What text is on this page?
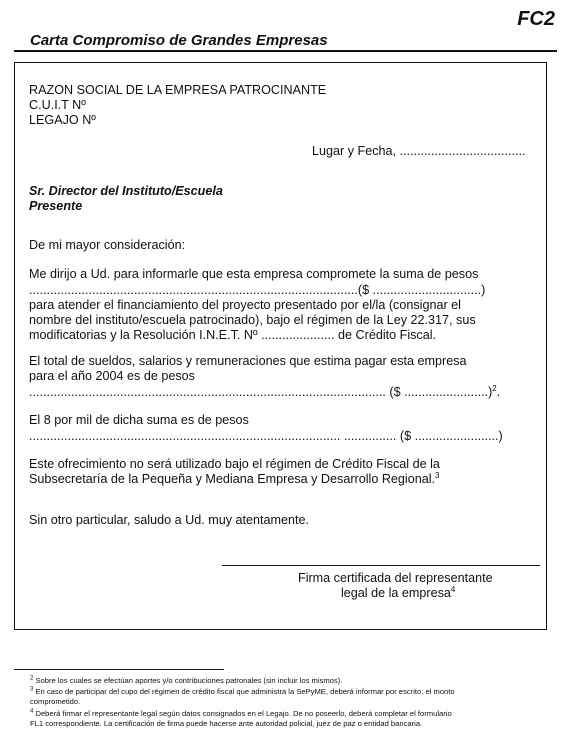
FC2
Carta Compromiso de Grandes Empresas
RAZON SOCIAL DE LA EMPRESA PATROCINANTE
C.U.I.T Nº
LEGAJO Nº
Lugar y Fecha, ....................................
Sr. Director del Instituto/Escuela
Presente
De mi mayor consideración:
Me dirijo a Ud. para informarle que esta empresa compromete la suma de pesos
..............................................................................................($ ...............................)
para atender el financiamiento del proyecto presentado por el/la (consignar el
nombre del instituto/escuela patrocinado), bajo el régimen de la Ley 22.317, sus
modificatorias y la Resolución I.N.E.T. Nº ..................... de Crédito Fiscal.
El total de sueldos, salarios y remuneraciones que estima pagar esta empresa
para el año 2004 es de pesos
...................................................................................................... ($ ........................)$^2$.
El 8 por mil de dicha suma es de pesos
......................................................................................... ............... ($ ........................)
Este ofrecimiento no será utilizado bajo el régimen de Crédito Fiscal de la
Subsecretaría de la Pequeña y Mediana Empresa y Desarrollo Regional.$^3$
Sin otro particular, saludo a Ud. muy atentamente.
Firma certificada del representante
legal de la empresa$^4$
$^2$ Sobre los cuales se efectúan aportes y/o contribuciones patronales (sin incluir los mismos).
$^3$ En caso de participar del cupo del régimen de crédito fiscal que administra la SePyME, deberá informar por escrito, el monto
comprometido.
$^4$ Deberá firmar el representante legal según datos consignados en el Legajo. De no poseerlo, deberá completar el formulario
FL1 correspondiente. La certificación de firma puede hacerse ante autoridad policial, juez de paz o entidad bancaria.
